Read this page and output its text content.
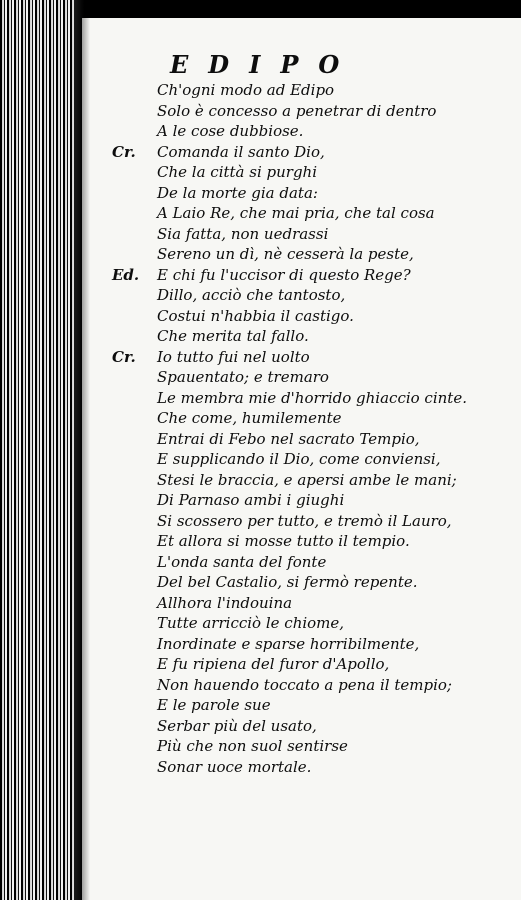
EDIPO
Ch'ogni modo ad Edipo
Solo è concesso a penetrar di dentro
A le cose dubbiose.
Cr. Comanda il santo Dio,
Che la città si purghi
De la morte gia data:
A Laio Re, che mai pria, che tal cosa
Sia fatta, non uedrassi
Sereno un dì, nè cesserà la peste,
Ed. E chi fu l'uccisor di questo Rege?
Dillo, acciò che tantosto,
Costui n'habbia il castigo.
Che merita tal fallo.
Cr. Io tutto fui nel uolto
Spauentato; e tremaro
Le membra mie d'horrido ghiaccio cinte.
Che come, humilemente
Entrai di Febo nel sacrato Tempio,
E supplicando il Dio, come conviensi,
Stesi le braccia, e apersi ambe le mani;
Di Parnaso ambi i giughi
Si scossero per tutto, e tremò il Lauro,
Et allora si mosse tutto il tempio.
L'onda santa del fonte
Del bel Castalio, si fermò repente.
Allhora l'indouina
Tutte arricciò le chiome,
Inordinate e sparse horribilmente,
E fu ripiena del furor d'Apollo,
Non hauendo toccato a pena il tempio;
E le parole sue
Serbar più del usato,
Più che non suol sentirse
Sonar uoce mortale.
